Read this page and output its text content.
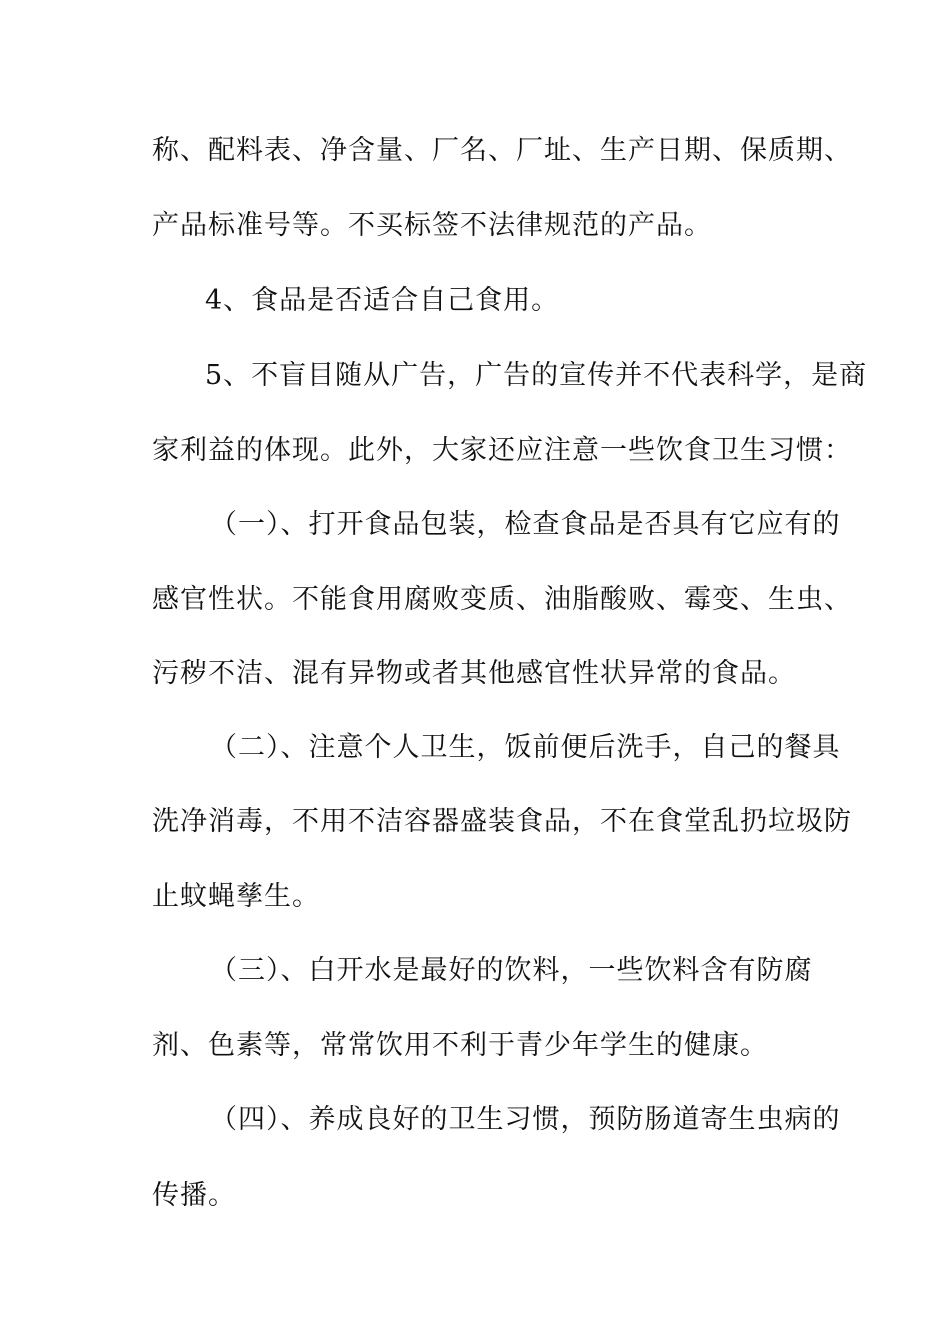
称、配料表、净含量、厂名、厂址、生产日期、保质期、
产品标准号等。不买标签不法律规范的产品。
4、食品是否适合自己食用。
5、不盲目随从广告，广告的宣传并不代表科学，是商
家利益的体现。此外，大家还应注意一些饮食卫生习惯：
（一）、打开食品包装，检查食品是否具有它应有的
感官性状。不能食用腐败变质、油脂酸败、霉变、生虫、
污秽不洁、混有异物或者其他感官性状异常的食品。
（二）、注意个人卫生，饭前便后洗手，自己的餐具
洗净消毒，不用不洁容器盛装食品，不在食堂乱扔垃圾防
止蚊蝇孳生。
（三）、白开水是最好的饮料，一些饮料含有防腐
剂、色素等，常常饮用不利于青少年学生的健康。
（四）、养成良好的卫生习惯，预防肠道寄生虫病的
传播。
